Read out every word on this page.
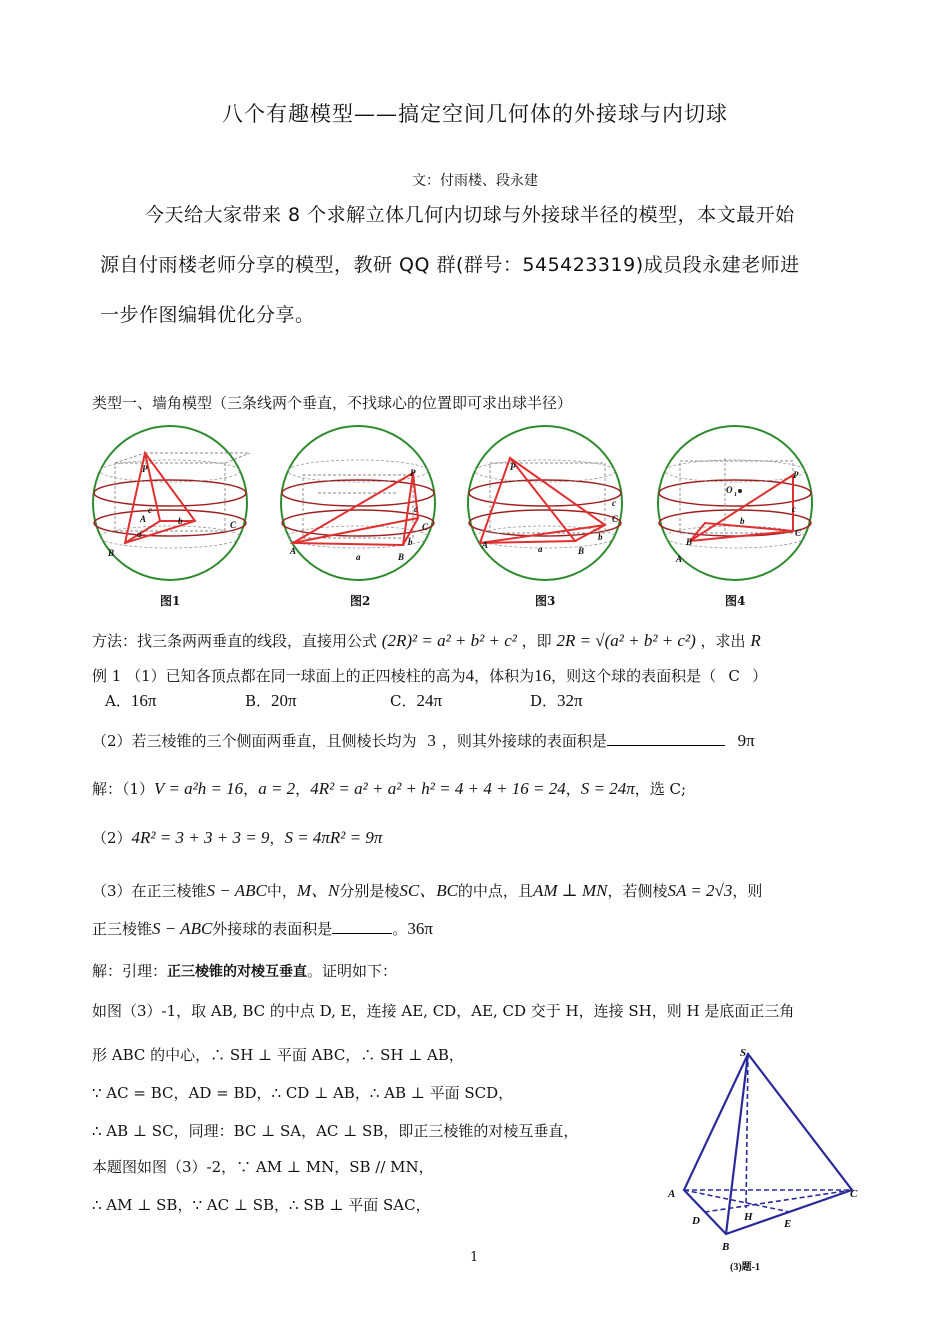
八个有趣模型——搞定空间几何体的外接球与内切球
文：付雨楼、段永建
今天给大家带来 8 个求解立体几何内切球与外接球半径的模型，本文最开始
源自付雨楼老师分享的模型，教研 QQ 群(群号：545423319)成员段永建老师进
一步作图编辑优化分享。
类型一、墙角模型（三条线两个垂直，不找球心的位置即可求出球半径）
P
A
B
C
a
b
c
P
A
B
C
a
b
c
P
A
B
C
a
b
c
P
A
B
C
c
b
O 1
图1	图2	图3	图4
方法：找三条两两垂直的线段，直接用公式 (2R)² = a² + b² + c² ，即 2R = √(a² + b² + c²) ，求出 R
例 1 （1）已知各顶点都在同一球面上的正四棱柱的高为4，体积为16，则这个球的表面积是（ C ）
A．16π	B．20π	C．24π	D．32π
（2）若三棱锥的三个侧面两垂直，且侧棱长均为 3 ，则其外接球的表面积是	9π
解：（1）V = a²h = 16，a = 2，4R² = a² + a² + h² = 4 + 4 + 16 = 24，S = 24π，选 C;
（2）4R² = 3 + 3 + 3 = 9，S = 4πR² = 9π
（3）在正三棱锥S − ABC中，M、N分别是棱SC、BC的中点，且AM ⊥ MN，若侧棱SA = 2√3，则
正三棱锥S − ABC外接球的表面积是	。36π
解：引理：正三棱锥的对棱互垂直。证明如下：
如图（3）-1，取 AB, BC 的中点 D, E，连接 AE, CD，AE, CD 交于 H，连接 SH，则 H 是底面正三角
形 ABC 的中心，∴ SH ⊥ 平面 ABC，∴ SH ⊥ AB，
∵ AC = BC，AD = BD，∴ CD ⊥ AB，∴ AB ⊥ 平面 SCD，
∴ AB ⊥ SC，同理：BC ⊥ SA，AC ⊥ SB，即正三棱锥的对棱互垂直，
本题图如图（3）-2，∵ AM ⊥ MN，SB // MN，
∴ AM ⊥ SB，∵ AC ⊥ SB，∴ SB ⊥ 平面 SAC，
S
A
B
C
D	E
H
(3)题-1
1
